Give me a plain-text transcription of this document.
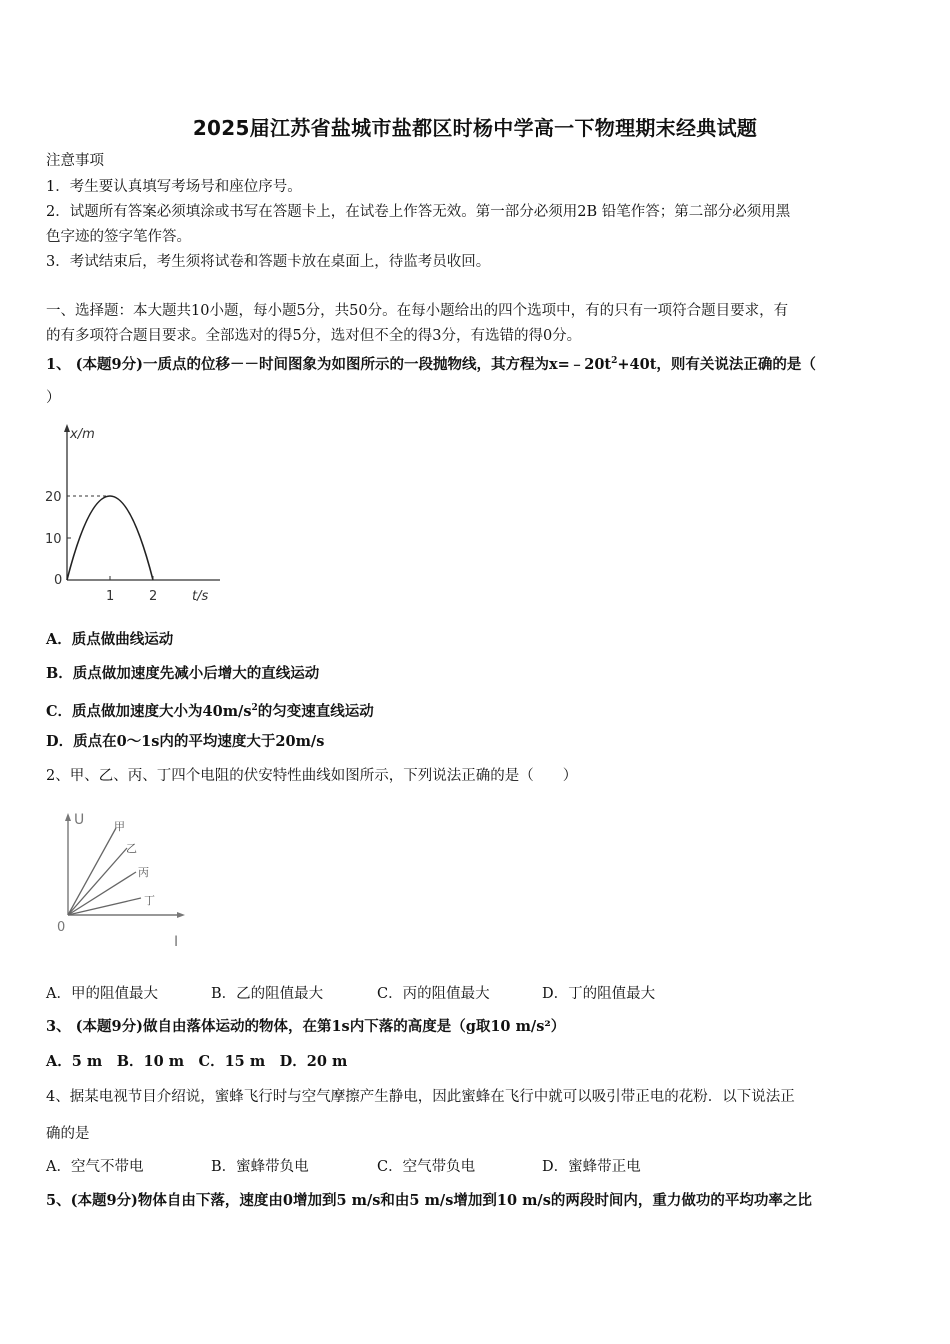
2025届江苏省盐城市盐都区时杨中学高一下物理期末经典试题
注意事项
1．考生要认真填写考场号和座位序号。
2．试题所有答案必须填涂或书写在答题卡上，在试卷上作答无效。第一部分必须用2B 铅笔作答；第二部分必须用黑
色字迹的签字笔作答。
3．考试结束后，考生须将试卷和答题卡放在桌面上，待监考员收回。
一、选择题：本大题共10小题，每小题5分，共50分。在每小题给出的四个选项中，有的只有一项符合题目要求，有
的有多项符合题目要求。全部选对的得5分，选对但不全的得3分，有选错的得0分。
1、 (本题9分)一质点的位移－－时间图象为如图所示的一段抛物线，其方程为$x=﹣20t^2+40t$，则有关说法正确的是（
）
x/m
20
10
0
1	2	t/s
A．质点做曲线运动
B．质点做加速度先减小后增大的直线运动
C．质点做加速度大小为$40m/s^2$的匀变速直线运动
D．质点在0～1s内的平均速度大于20m/s
2、甲、乙、丙、丁四个电阻的伏安特性曲线如图所示，下列说法正确的是（　　）
U	甲
乙
丙
丁
0
I
A．甲的阻值最大	B．乙的阻值最大	C．丙的阻值最大	D．丁的阻值最大
3、 (本题9分)做自由落体运动的物体，在第1s内下落的高度是（g取10 m/s²）
A．5 m　B．10 m　C．15 m　D．20 m
4、据某电视节目介绍说，蜜蜂飞行时与空气摩擦产生静电，因此蜜蜂在飞行中就可以吸引带正电的花粉．以下说法正
确的是
A．空气不带电	B．蜜蜂带负电	C．空气带负电	D．蜜蜂带正电
5、(本题9分)物体自由下落，速度由0增加到5 m/s和由5 m/s增加到10 m/s的两段时间内，重力做功的平均功率之比
